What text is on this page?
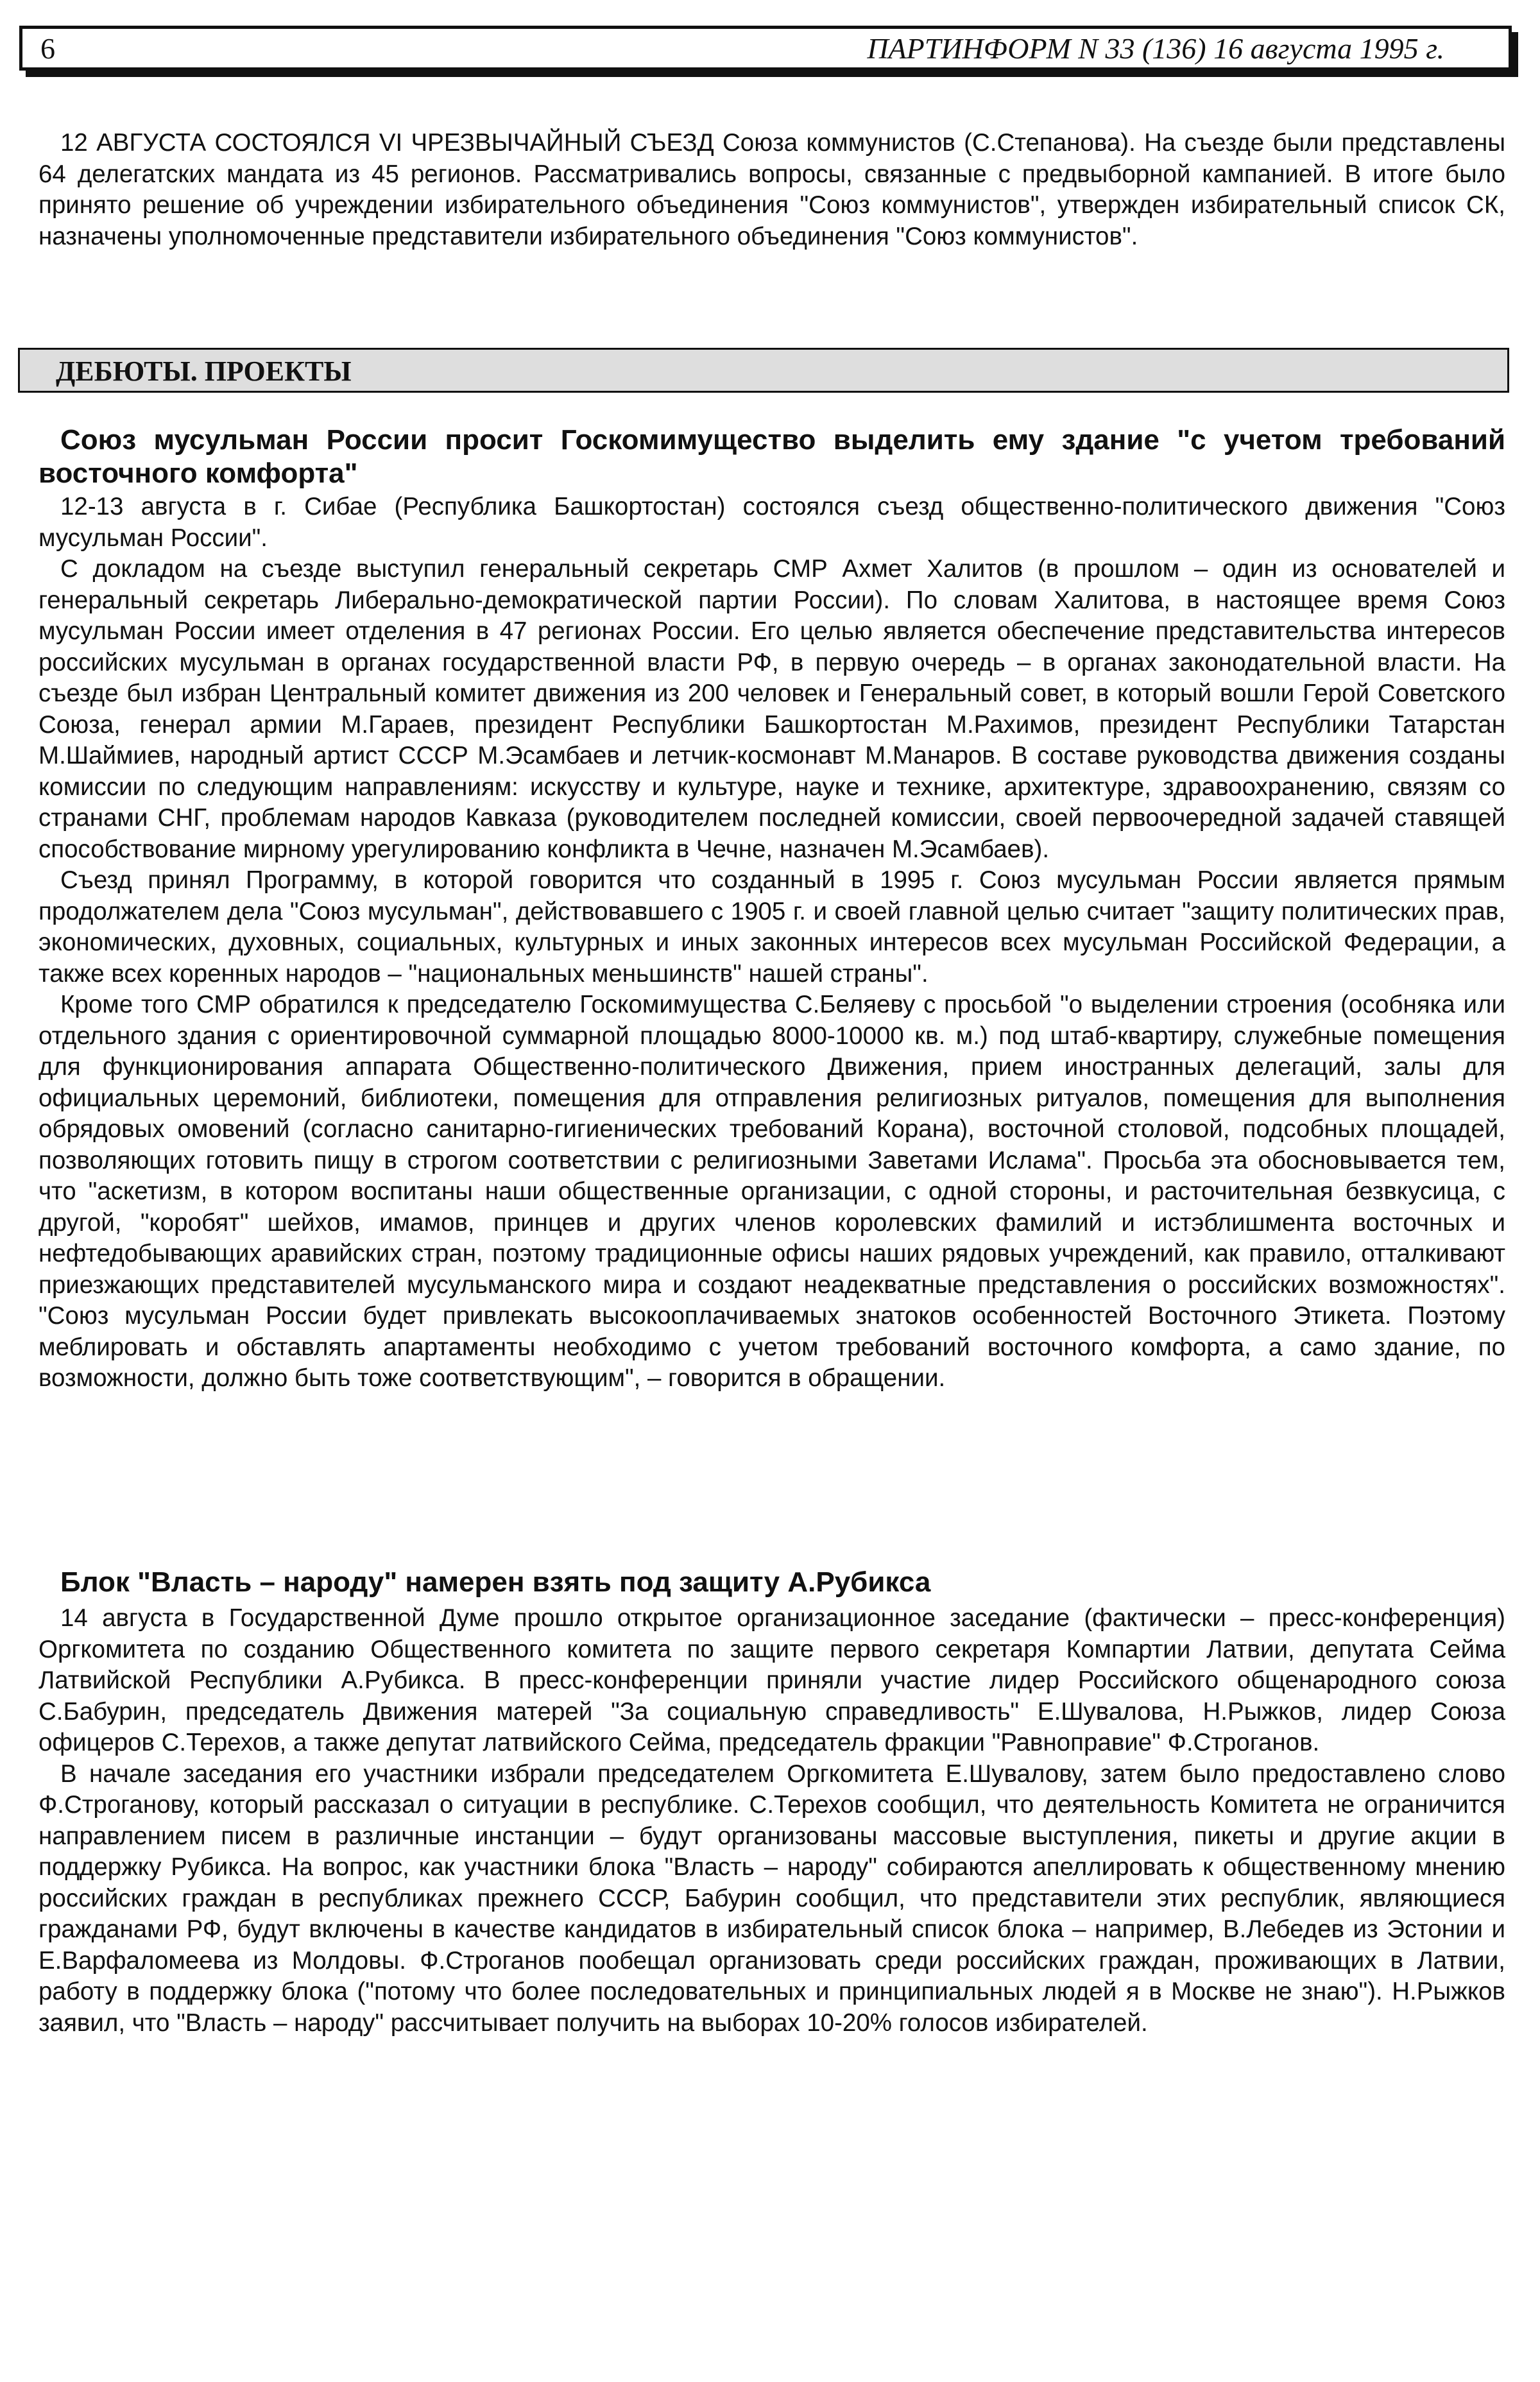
6	ПАРТИНФОРМ N 33 (136) 16 августа 1995 г.

12 АВГУСТА СОСТОЯЛСЯ VI ЧРЕЗВЫЧАЙНЫЙ СЪЕЗД Союза коммунистов (С.Степанова). На съезде были представлены 64 делегатских мандата из 45 регионов. Рассматривались вопросы, связанные с предвыборной кампанией. В итоге было принято решение об учреждении избирательного объединения "Союз коммунистов", утвержден избирательный список СК, назначены уполномоченные представители избирательного объединения "Союз коммунистов".

ДЕБЮТЫ. ПРОЕКТЫ

Союз мусульман России просит Госкомимущество выделить ему здание "с учетом требований восточного комфорта"

12-13 августа в г. Сибае (Республика Башкортостан) состоялся съезд общественно-политического движения "Союз мусульман России".

С докладом на съезде выступил генеральный секретарь СМР Ахмет Халитов (в прошлом – один из основателей и генеральный секретарь Либерально-демократической партии России). По словам Халитова, в настоящее время Союз мусульман России имеет отделения в 47 регионах России. Его целью является обеспечение представительства интересов российских мусульман в органах государственной власти РФ, в первую очередь – в органах законодательной власти. На съезде был избран Центральный комитет движения из 200 человек и Генеральный совет, в который вошли Герой Советского Союза, генерал армии М.Гараев, президент Республики Башкортостан М.Рахимов, президент Республики Татарстан М.Шаймиев, народный артист СССР М.Эсамбаев и летчик-космонавт М.Манаров. В составе руководства движения созданы комиссии по следующим направлениям: искусству и культуре, науке и технике, архитектуре, здравоохранению, связям со странами СНГ, проблемам народов Кавказа (руководителем последней комиссии, своей первоочередной задачей ставящей способствование мирному урегулированию конфликта в Чечне, назначен М.Эсамбаев).

Съезд принял Программу, в которой говорится что созданный в 1995 г. Союз мусульман России является прямым продолжателем дела "Союз мусульман", действовавшего с 1905 г. и своей главной целью считает "защиту политических прав, экономических, духовных, социальных, культурных и иных законных интересов всех мусульман Российской Федерации, а также всех коренных народов – "национальных меньшинств" нашей страны".

Кроме того СМР обратился к председателю Госкомимущества С.Беляеву с просьбой "о выделении строения (особняка или отдельного здания с ориентировочной суммарной площадью 8000-10000 кв. м.) под штаб-квартиру, служебные помещения для функционирования аппарата Общественно-политического Движения, прием иностранных делегаций, залы для официальных церемоний, библиотеки, помещения для отправления религиозных ритуалов, помещения для выполнения обрядовых омовений (согласно санитарно-гигиенических требований Корана), восточной столовой, подсобных площадей, позволяющих готовить пищу в строгом соответствии с религиозными Заветами Ислама". Просьба эта обосновывается тем, что "аскетизм, в котором воспитаны наши общественные организации, с одной стороны, и расточительная безвкусица, с другой, "коробят" шейхов, имамов, принцев и других членов королевских фамилий и истэблишмента восточных и нефтедобывающих аравийских стран, поэтому традиционные офисы наших рядовых учреждений, как правило, отталкивают приезжающих представителей мусульманского мира и создают неадекватные представления о российских возможностях". "Союз мусульман России будет привлекать высокооплачиваемых знатоков особенностей Восточного Этикета. Поэтому меблировать и обставлять апартаменты необходимо с учетом требований восточного комфорта, а само здание, по возможности, должно быть тоже соответствующим", – говорится в обращении.

Блок "Власть – народу" намерен взять под защиту А.Рубикса

14 августа в Государственной Думе прошло открытое организационное заседание (фактически – пресс-конференция) Оргкомитета по созданию Общественного комитета по защите первого секретаря Компартии Латвии, депутата Сейма Латвийской Республики А.Рубикса. В пресс-конференции приняли участие лидер Российского общенародного союза С.Бабурин, председатель Движения матерей "За социальную справедливость" Е.Шувалова, Н.Рыжков, лидер Союза офицеров С.Терехов, а также депутат латвийского Сейма, председатель фракции "Равноправие" Ф.Строганов.

В начале заседания его участники избрали председателем Оргкомитета Е.Шувалову, затем было предоставлено слово Ф.Строганову, который рассказал о ситуации в республике. С.Терехов сообщил, что деятельность Комитета не ограничится направлением писем в различные инстанции – будут организованы массовые выступления, пикеты и другие акции в поддержку Рубикса. На вопрос, как участники блока "Власть – народу" собираются апеллировать к общественному мнению российских граждан в республиках прежнего СССР, Бабурин сообщил, что представители этих республик, являющиеся гражданами РФ, будут включены в качестве кандидатов в избирательный список блока – например, В.Лебедев из Эстонии и Е.Варфаломеева из Молдовы. Ф.Строганов пообещал организовать среди российских граждан, проживающих в Латвии, работу в поддержку блока ("потому что более последовательных и принципиальных людей я в Москве не знаю"). Н.Рыжков заявил, что "Власть – народу" рассчитывает получить на выборах 10-20% голосов избирателей.
